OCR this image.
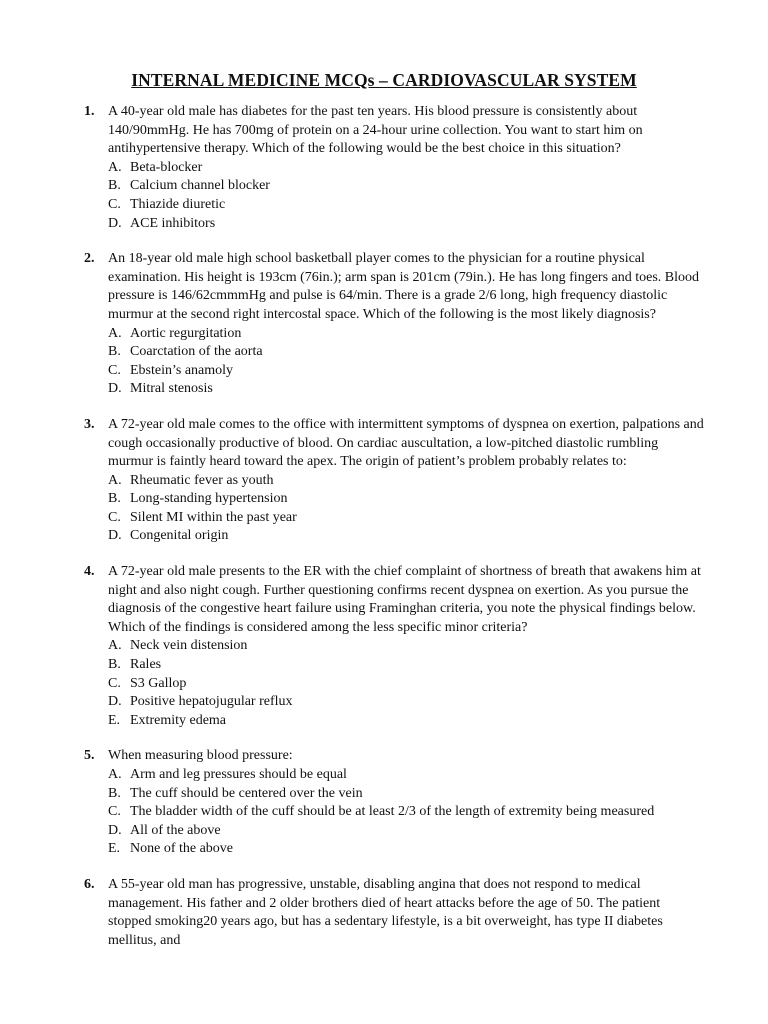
INTERNAL MEDICINE MCQs – CARDIOVASCULAR SYSTEM
1. A 40-year old male has diabetes for the past ten years. His blood pressure is consistently about 140/90mmHg. He has 700mg of protein on a 24-hour urine collection. You want to start him on antihypertensive therapy. Which of the following would be the best choice in this situation?
A. Beta-blocker
B. Calcium channel blocker
C. Thiazide diuretic
D. ACE inhibitors
2. An 18-year old male high school basketball player comes to the physician for a routine physical examination. His height is 193cm (76in.); arm span is 201cm (79in.). He has long fingers and toes. Blood pressure is 146/62cmmmHg and pulse is 64/min. There is a grade 2/6 long, high frequency diastolic murmur at the second right intercostal space. Which of the following is the most likely diagnosis?
A. Aortic regurgitation
B. Coarctation of the aorta
C. Ebstein’s anamoly
D. Mitral stenosis
3. A 72-year old male comes to the office with intermittent symptoms of dyspnea on exertion, palpations and cough occasionally productive of blood. On cardiac auscultation, a low-pitched diastolic rumbling murmur is faintly heard toward the apex. The origin of patient’s problem probably relates to:
A. Rheumatic fever as youth
B. Long-standing hypertension
C. Silent MI within the past year
D. Congenital origin
4. A 72-year old male presents to the ER with the chief complaint of shortness of breath that awakens him at night and also night cough. Further questioning confirms recent dyspnea on exertion. As you pursue the diagnosis of the congestive heart failure using Framinghan criteria, you note the physical findings below. Which of the findings is considered among the less specific minor criteria?
A. Neck vein distension
B. Rales
C. S3 Gallop
D. Positive hepatojugular reflux
E. Extremity edema
5. When measuring blood pressure:
A. Arm and leg pressures should be equal
B. The cuff should be centered over the vein
C. The bladder width of the cuff should be at least 2/3 of the length of extremity being measured
D. All of the above
E. None of the above
6. A 55-year old man has progressive, unstable, disabling angina that does not respond to medical management. His father and 2 older brothers died of heart attacks before the age of 50. The patient stopped smoking20 years ago, but has a sedentary lifestyle, is a bit overweight, has type II diabetes mellitus, and
